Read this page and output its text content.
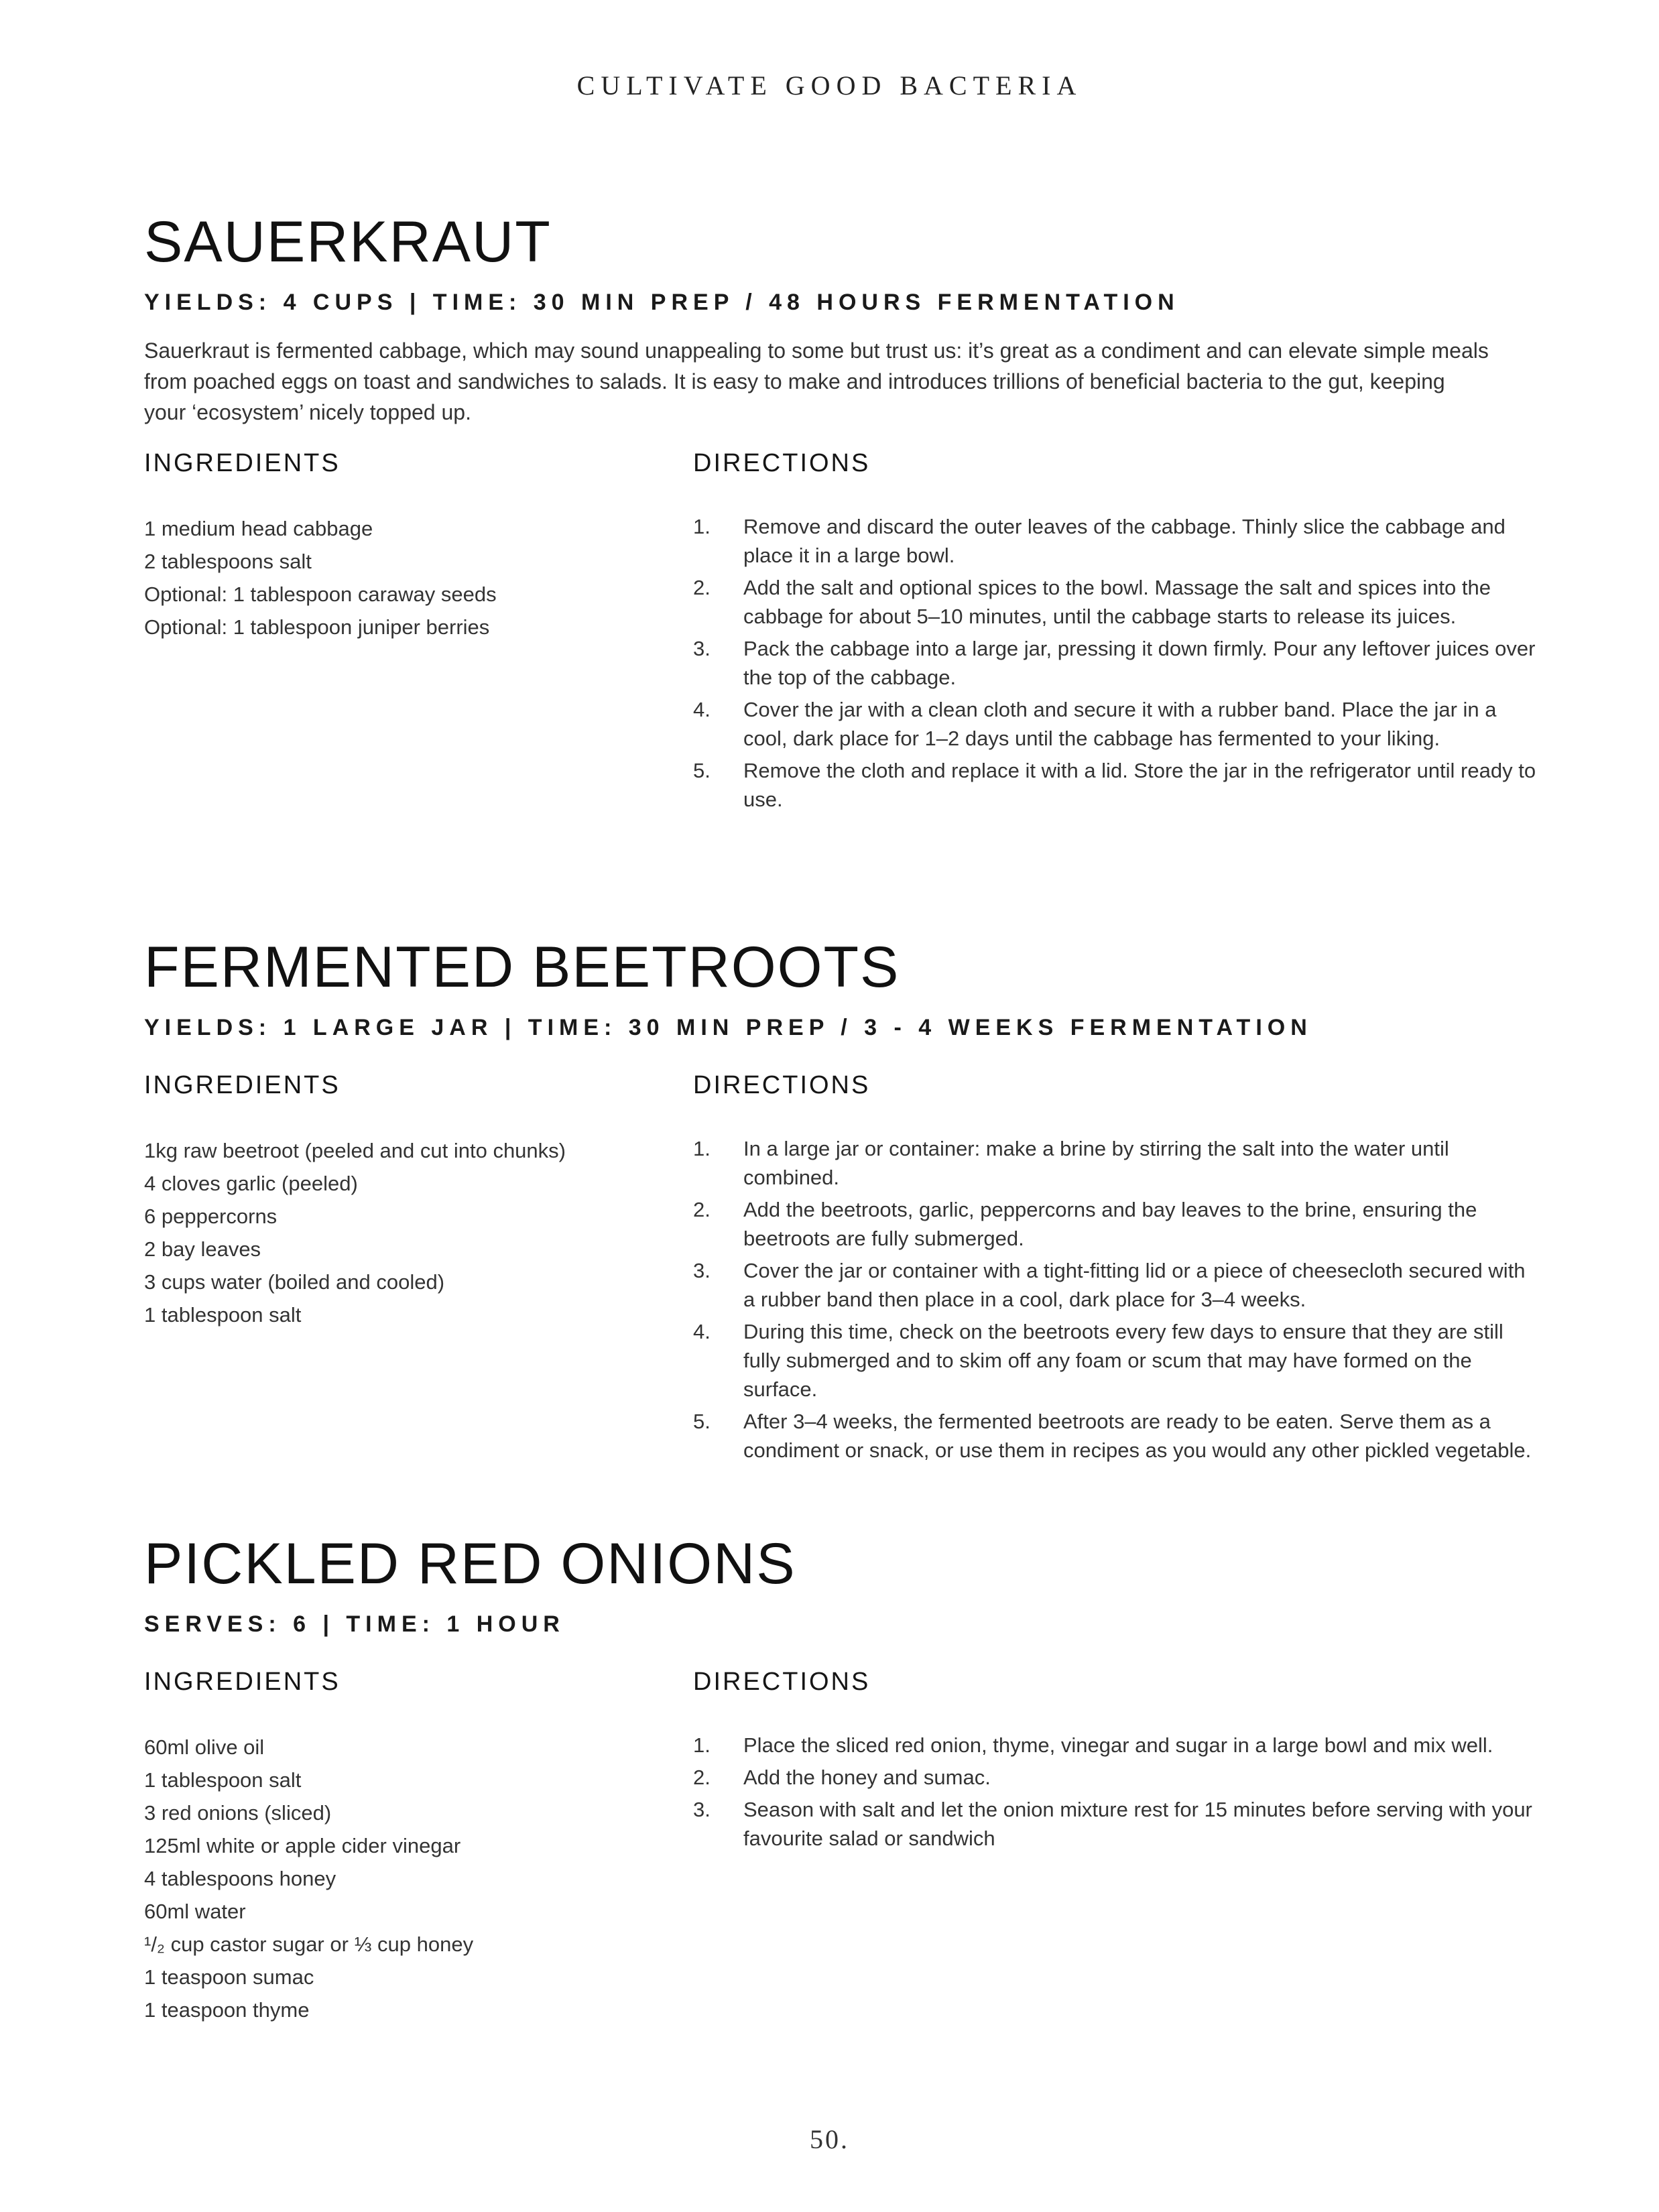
CULTIVATE GOOD BACTERIA
SAUERKRAUT
YIELDS: 4 CUPS | TIME: 30 MIN PREP / 48 HOURS FERMENTATION

Sauerkraut is fermented cabbage, which may sound unappealing to some but trust us: it’s great as a condiment and can elevate simple meals from poached eggs on toast and sandwiches to salads. It is easy to make and introduces trillions of beneficial bacteria to the gut, keeping your ‘ecosystem’ nicely topped up.

INGREDIENTS
1 medium head cabbage
2 tablespoons salt
Optional: 1 tablespoon caraway seeds
Optional: 1 tablespoon juniper berries
DIRECTIONS
1. Remove and discard the outer leaves of the cabbage. Thinly slice the cabbage and place it in a large bowl.
2. Add the salt and optional spices to the bowl. Massage the salt and spices into the cabbage for about 5–10 minutes, until the cabbage starts to release its juices.
3. Pack the cabbage into a large jar, pressing it down firmly. Pour any leftover juices over the top of the cabbage.
4. Cover the jar with a clean cloth and secure it with a rubber band. Place the jar in a cool, dark place for 1–2 days until the cabbage has fermented to your liking.
5. Remove the cloth and replace it with a lid. Store the jar in the refrigerator until ready to use.
FERMENTED BEETROOTS
YIELDS: 1 LARGE JAR | TIME: 30 MIN PREP / 3 - 4 WEEKS FERMENTATION
INGREDIENTS
1kg raw beetroot (peeled and cut into chunks)
4 cloves garlic (peeled)
6 peppercorns
2 bay leaves
3 cups water (boiled and cooled)
1 tablespoon salt
DIRECTIONS
1. In a large jar or container: make a brine by stirring the salt into the water until combined.
2. Add the beetroots, garlic, peppercorns and bay leaves to the brine, ensuring the beetroots are fully submerged.
3. Cover the jar or container with a tight-fitting lid or a piece of cheesecloth secured with a rubber band then place in a cool, dark place for 3–4 weeks.
4. During this time, check on the beetroots every few days to ensure that they are still fully submerged and to skim off any foam or scum that may have formed on the surface.
5. After 3–4 weeks, the fermented beetroots are ready to be eaten. Serve them as a condiment or snack, or use them in recipes as you would any other pickled vegetable.
PICKLED RED ONIONS
SERVES: 6 | TIME: 1 HOUR
INGREDIENTS
60ml olive oil
1 tablespoon salt
3 red onions (sliced)
125ml white or apple cider vinegar
4 tablespoons honey
60ml water
¹/₂ cup castor sugar or ⅓ cup honey
1 teaspoon sumac
1 teaspoon thyme
DIRECTIONS
1. Place the sliced red onion, thyme, vinegar and sugar in a large bowl and mix well.
2. Add the honey and sumac.
3. Season with salt and let the onion mixture rest for 15 minutes before serving with your favourite salad or sandwich
50.
